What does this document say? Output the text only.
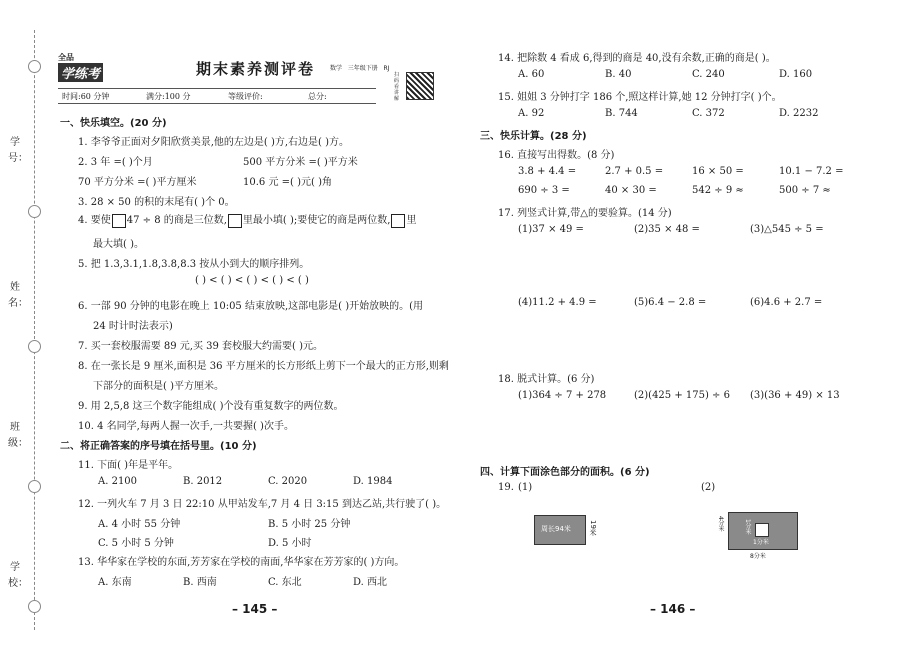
学号：
姓名：
班级：
学校：
全品
学练考	期末素养测评卷 数学 三年级下册 RJ
扫码看讲解
时间:60 分钟	满分:100 分	等级评价:	总分:
一、快乐填空。(20 分)
1. 李爷爷正面对夕阳欣赏美景,他的左边是( )方,右边是( )方。
2. 3 年 =( )个月	500 平方分米 =( )平方米
70 平方分米 =( )平方厘米	10.6 元 =( )元( )角
3. 28 × 50 的积的末尾有( )个 0。
4. 要使 47 ÷ 8 的商是三位数, 里最小填( );要使它的商是两位数, 里
最大填( )。
5. 把 1.3,3.1,1.8,3.8,8.3 按从小到大的顺序排列。
( ) < ( ) < ( ) < ( ) < ( )
6. 一部 90 分钟的电影在晚上 10:05 结束放映,这部电影是( )开始放映的。(用
24 时计时法表示)
7. 买一套校服需要 89 元,买 39 套校服大约需要( )元。
8. 在一张长是 9 厘米,面积是 36 平方厘米的长方形纸上剪下一个最大的正方形,则剩
下部分的面积是( )平方厘米。
9. 用 2,5,8 这三个数字能组成( )个没有重复数字的两位数。
10. 4 名同学,每两人握一次手,一共要握( )次手。
二、将正确答案的序号填在括号里。(10 分)
11. 下面( )年是平年。
A. 2100	B. 2012	C. 2020	D. 1984
12. 一列火车 7 月 3 日 22:10 从甲站发车,7 月 4 日 3:15 到达乙站,共行驶了( )。
A. 4 小时 55 分钟	B. 5 小时 25 分钟
C. 5 小时 5 分钟	D. 5 小时
13. 华华家在学校的东面,芳芳家在学校的南面,华华家在芳芳家的( )方向。
A. 东南	B. 西南	C. 东北	D. 西北
– 145 –
14. 把除数 4 看成 6,得到的商是 40,没有余数,正确的商是( )。
A. 60	B. 40	C. 240	D. 160
15. 姐姐 3 分钟打字 186 个,照这样计算,她 12 分钟打字( )个。
A. 92	B. 744	C. 372	D. 2232
三、快乐计算。(28 分)
16. 直接写出得数。(8 分)
3.8 + 4.4 =	2.7 + 0.5 =	16 × 50 =	10.1 − 7.2 =
690 ÷ 3 =	40 × 30 =	542 ÷ 9 ≈	500 ÷ 7 ≈
17. 列竖式计算,带△的要验算。(14 分)
(1)37 × 49 =	(2)35 × 48 =	(3)△545 ÷ 5 =
(4)11.2 + 4.9 =	(5)6.4 − 2.8 =	(6)4.6 + 2.7 =
18. 脱式计算。(6 分)
(1)364 ÷ 7 + 278	(2)(425 + 175) ÷ 6 (3)(36 + 49) × 13
四、计算下面涂色部分的面积。(6 分)
19. (1)	(2)
– 146 –
周长94米	19米	1分米
1分米
4分米
8分米
